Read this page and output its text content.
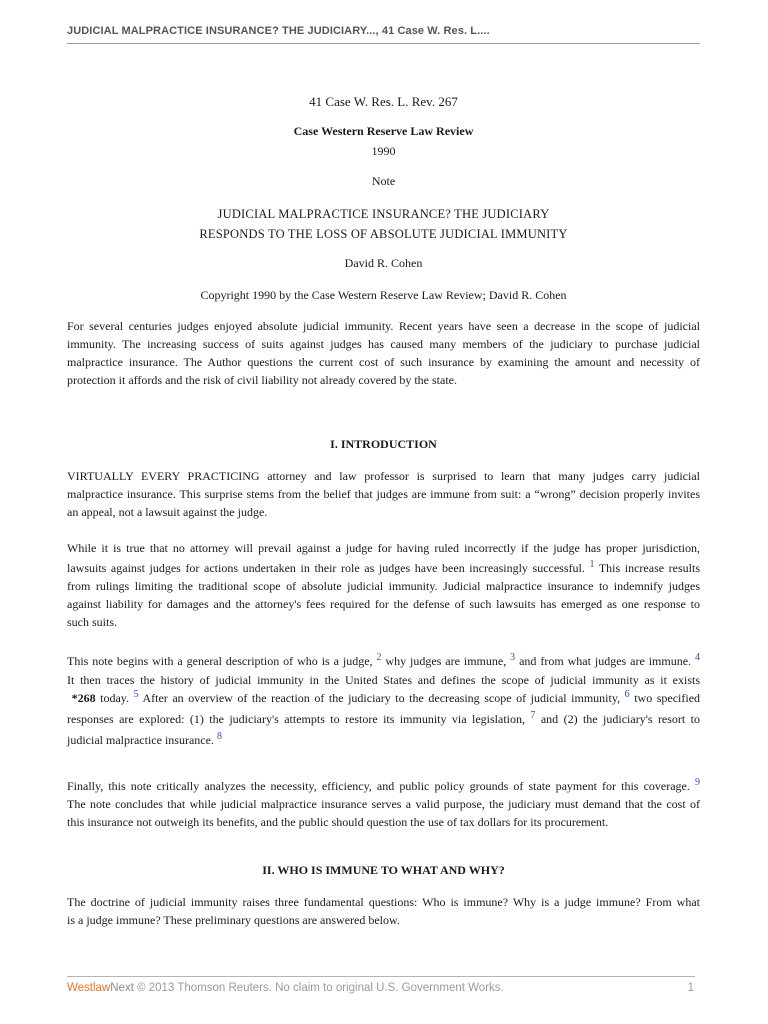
JUDICIAL MALPRACTICE INSURANCE? THE JUDICIARY..., 41 Case W. Res. L....
41 Case W. Res. L. Rev. 267
Case Western Reserve Law Review
1990
Note
JUDICIAL MALPRACTICE INSURANCE? THE JUDICIARY
RESPONDS TO THE LOSS OF ABSOLUTE JUDICIAL IMMUNITY
David R. Cohen
Copyright 1990 by the Case Western Reserve Law Review; David R. Cohen
For several centuries judges enjoyed absolute judicial immunity. Recent years have seen a decrease in the scope of judicial
immunity. The increasing success of suits against judges has caused many members of the judiciary to purchase judicial
malpractice insurance. The Author questions the current cost of such insurance by examining the amount and necessity of
protection it affords and the risk of civil liability not already covered by the state.
I. INTRODUCTION
VIRTUALLY EVERY PRACTICING attorney and law professor is surprised to learn that many judges carry judicial
malpractice insurance. This surprise stems from the belief that judges are immune from suit: a “wrong” decision properly invites
an appeal, not a lawsuit against the judge.
While it is true that no attorney will prevail against a judge for having ruled incorrectly if the judge has proper jurisdiction,
lawsuits against judges for actions undertaken in their role as judges have been increasingly successful. $^1$ This increase results
from rulings limiting the traditional scope of absolute judicial immunity. Judicial malpractice insurance to indemnify judges
against liability for damages and the attorney's fees required for the defense of such lawsuits has emerged as one response to
such suits.
This note begins with a general description of who is a judge, $^2$ why judges are immune, $^3$ and from what judges are immune. $^4$
It then traces the history of judicial immunity in the United States and defines the scope of judicial immunity as it exists
*268 today. $^5$ After an overview of the reaction of the judiciary to the decreasing scope of judicial immunity, $^6$ two specified
responses are explored: (1) the judiciary's attempts to restore its immunity via legislation, $^7$ and (2) the judiciary's resort to
judicial malpractice insurance. $^8$
Finally, this note critically analyzes the necessity, efficiency, and public policy grounds of state payment for this coverage. $^9$
The note concludes that while judicial malpractice insurance serves a valid purpose, the judiciary must demand that the cost of
this insurance not outweigh its benefits, and the public should question the use of tax dollars for its procurement.
II. WHO IS IMMUNE TO WHAT AND WHY?
The doctrine of judicial immunity raises three fundamental questions: Who is immune? Why is a judge immune? From what
is a judge immune? These preliminary questions are answered below.
WestlawNext © 2013 Thomson Reuters. No claim to original U.S. Government Works.	1
